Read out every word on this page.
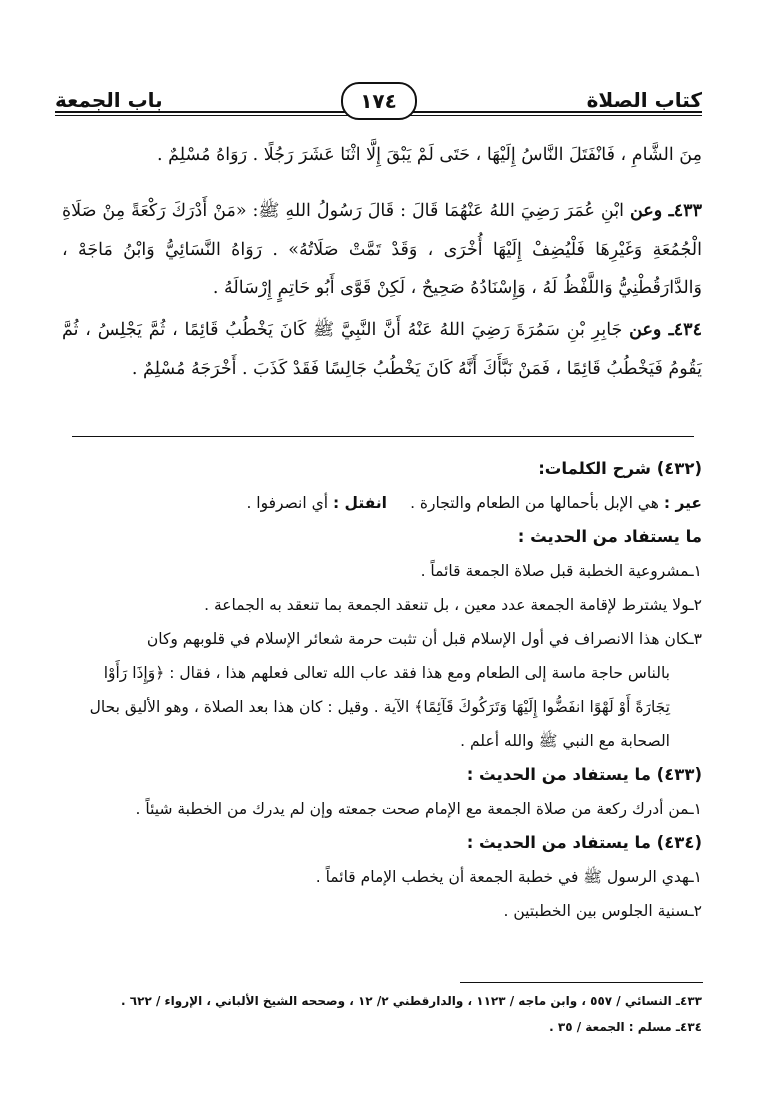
كتاب الصلاة
باب الجمعة	١٧٤
مِنَ الشَّامِ ، فَانْفَتَلَ النَّاسُ إِلَيْهَا ، حَتَى لَمْ يَبْقَ إِلَّا اثْنَا عَشَرَ رَجُلًا . رَوَاهُ مُسْلِمٌ .
٤٣٣ـ وعن ابْنِ عُمَرَ رَضِيَ اللهُ عَنْهُمَا قَالَ : قَالَ رَسُولُ اللهِ ﷺ: «مَنْ أَدْرَكَ رَكْعَةً مِنْ صَلَاةِ الْجُمُعَةِ وَغَيْرِهَا فَلْيُضِفْ إِلَيْهَا أُخْرَى ، وَقَدْ تَمَّتْ صَلَاتُهُ» . رَوَاهُ النَّسَائِيُّ وَابْنُ مَاجَهْ ، وَالدَّارَقُطْنِيُّ وَاللَّفْظُ لَهُ ، وَإِسْنَادُهُ صَحِيحٌ ، لَكِنْ قَوَّى أَبُو حَاتِمٍ إِرْسَالَهُ .
٤٣٤ـ وعن جَابِرِ بْنِ سَمُرَةَ رَضِيَ اللهُ عَنْهُ أَنَّ النَّبِيَّ ﷺ كَانَ يَخْطُبُ قَائِمًا ، ثُمَّ يَجْلِسُ ، ثُمَّ يَقُومُ فَيَخْطُبُ قَائِمًا ، فَمَنْ نَبَّأَكَ أَنَّهُ كَانَ يَخْطُبُ جَالِسًا فَقَدْ كَذَبَ . أَخْرَجَهُ مُسْلِمٌ .
(٤٣٢) شرح الكلمات:
عير : هي الإبل بأحمالها من الطعام والتجارة .
انفتل : أي انصرفوا .
ما يستفاد من الحديث :
١ـمشروعية الخطبة قبل صلاة الجمعة قائماً .
٢ـولا يشترط لإقامة الجمعة عدد معين ، بل تنعقد الجمعة بما تنعقد به الجماعة .
٣ـكان هذا الانصراف في أول الإسلام قبل أن تثبت حرمة شعائر الإسلام في قلوبهم وكان
بالناس حاجة ماسة إلى الطعام ومع هذا فقد عاب الله تعالى فعلهم هذا ، فقال : ﴿وَإِذَا رَأَوْا
تِجَارَةً أَوْ لَهْوًا انفَضُّوا إِلَيْهَا وَتَرَكُوكَ قَآئِمًا﴾ الآية . وقيل : كان هذا بعد الصلاة ، وهو الأليق بحال
الصحابة مع النبي ﷺ والله أعلم .
(٤٣٣) ما يستفاد من الحديث :
١ـمن أدرك ركعة من صلاة الجمعة مع الإمام صحت جمعته وإن لم يدرك من الخطبة شيئاً .
(٤٣٤) ما يستفاد من الحديث :
١ـهدي الرسول ﷺ في خطبة الجمعة أن يخطب الإمام قائماً .
٢ـسنية الجلوس بين الخطبتين .
٤٣٣ـ النسائي / ٥٥٧ ، وابن ماجه / ١١٢٣ ، والدارقطني ٢/ ١٢ ، وصححه الشيخ الألباني ، الإرواء / ٦٢٢ .
٤٣٤ـ مسلم : الجمعة / ٣٥ .
